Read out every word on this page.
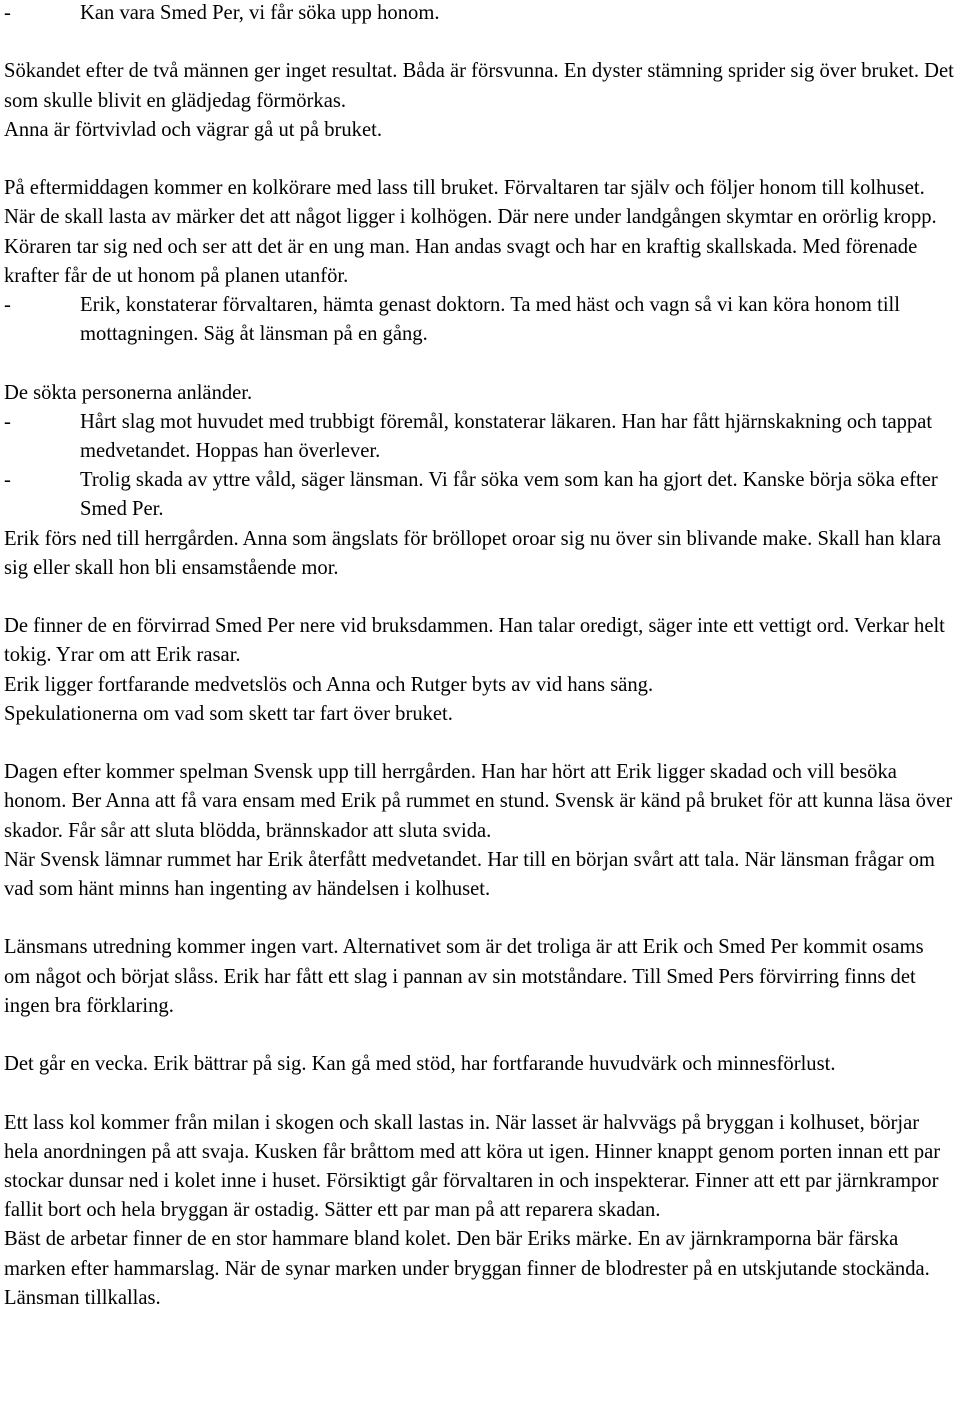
- Kan vara Smed Per, vi får söka upp honom.

Sökandet efter de två männen ger inget resultat. Båda är försvunna. En dyster stämning sprider sig över bruket. Det som skulle blivit en glädjedag förmörkas.

Anna är förtvivlad och vägrar gå ut på bruket.

På eftermiddagen kommer en kolkörare med lass till bruket. Förvaltaren tar själv och följer honom till kolhuset. När de skall lasta av märker det att något ligger i kolhögen. Där nere under landgången skymtar en orörlig kropp. Köraren tar sig ned och ser att det är en ung man. Han andas svagt och har en kraftig skallskada. Med förenade krafter får de ut honom på planen utanför.

- Erik, konstaterar förvaltaren, hämta genast doktorn. Ta med häst och vagn så vi kan köra honom till mottagningen. Säg åt länsman på en gång.

De sökta personerna anländer.

- Hårt slag mot huvudet med trubbigt föremål, konstaterar läkaren. Han har fått hjärnskakning och tappat medvetandet. Hoppas han överlever.

- Trolig skada av yttre våld, säger länsman. Vi får söka vem som kan ha gjort det. Kanske börja söka efter Smed Per.

Erik förs ned till herrgården. Anna som ängslats för bröllopet oroar sig nu över sin blivande make. Skall han klara sig eller skall hon bli ensamstående mor.

De finner de en förvirrad Smed Per nere vid bruksdammen. Han talar oredigt, säger inte ett vettigt ord. Verkar helt tokig. Yrar om att Erik rasar.

Erik ligger fortfarande medvetslös och Anna och Rutger byts av vid hans säng.

Spekulationerna om vad som skett tar fart över bruket.

Dagen efter kommer spelman Svensk upp till herrgården. Han har hört att Erik ligger skadad och vill besöka honom. Ber Anna att få vara ensam med Erik på rummet en stund. Svensk är känd på bruket för att kunna läsa över skador. Får sår att sluta blödda, brännskador att sluta svida.

När Svensk lämnar rummet har Erik återfått medvetandet. Har till en början svårt att tala. När länsman frågar om vad som hänt minns han ingenting av händelsen i kolhuset.

Länsmans utredning kommer ingen vart. Alternativet som är det troliga är att Erik och Smed Per kommit osams om något och börjat slåss. Erik har fått ett slag i pannan av sin motståndare. Till Smed Pers förvirring finns det ingen bra förklaring.

Det går en vecka. Erik bättrar på sig. Kan gå med stöd, har fortfarande huvudvärk och minnesförlust.

Ett lass kol kommer från milan i skogen och skall lastas in. När lasset är halvvägs på bryggan i kolhuset, börjar hela anordningen på att svaja. Kusken får bråttom med att köra ut igen. Hinner knappt genom porten innan ett par stockar dunsar ned i kolet inne i huset. Försiktigt går förvaltaren in och inspekterar. Finner att ett par järnkrampor fallit bort och hela bryggan är ostadig. Sätter ett par man på att reparera skadan.

Bäst de arbetar finner de en stor hammare bland kolet. Den bär Eriks märke. En av järnkramporna bär färska marken efter hammarslag. När de synar marken under bryggan finner de blodrester på en utskjutande stockända. Länsman tillkallas.
